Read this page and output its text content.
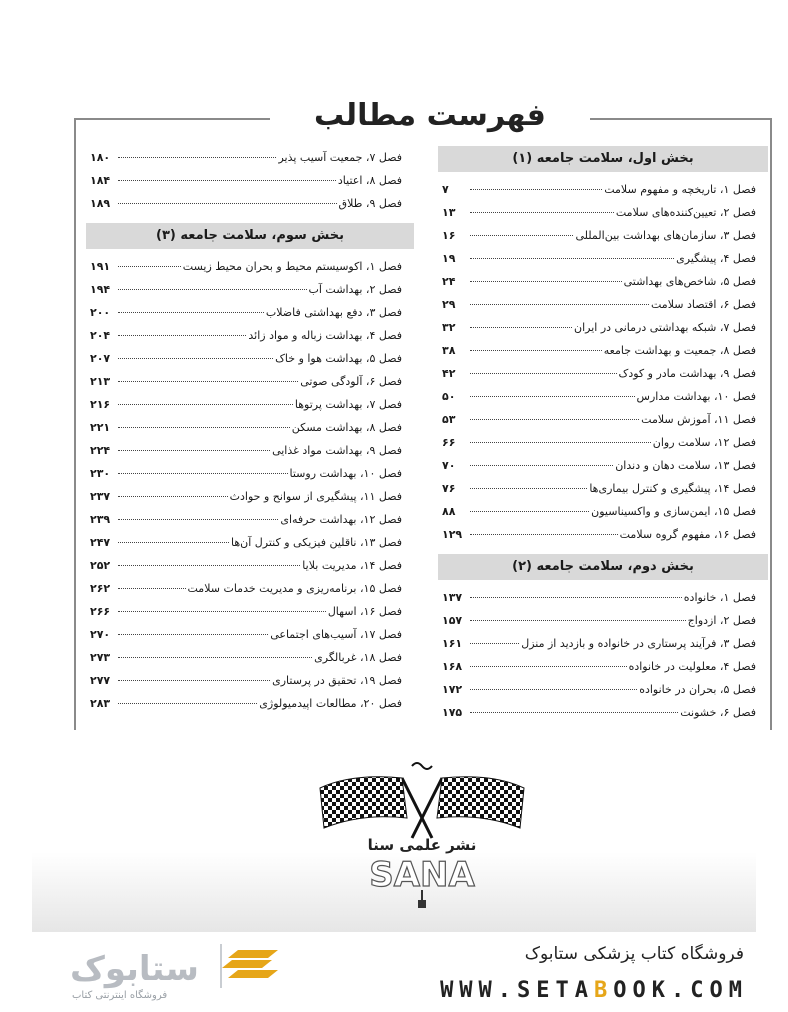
فهرست مطالب
بخش اول، سلامت جامعه (۱)
فصل ۱، تاریخچه و مفهوم سلامت
۷
فصل ۲، تعیین‌کننده‌های سلامت
۱۳
فصل ۳، سازمان‌های بهداشت بین‌المللی
۱۶
فصل ۴، پیشگیری
۱۹
فصل ۵، شاخص‌های بهداشتی
۲۴
فصل ۶، اقتصاد سلامت
۲۹
فصل ۷، شبکه بهداشتی درمانی در ایران
۳۲
فصل ۸، جمعیت و بهداشت جامعه
۳۸
فصل ۹، بهداشت مادر و کودک
۴۲
فصل ۱۰، بهداشت مدارس
۵۰
فصل ۱۱، آموزش سلامت
۵۳
فصل ۱۲، سلامت روان
۶۶
فصل ۱۳، سلامت دهان و دندان
۷۰
فصل ۱۴، پیشگیری و کنترل بیماری‌ها
۷۶
فصل ۱۵، ایمن‌سازی و واکسیناسیون
۸۸
فصل ۱۶، مفهوم گروه سلامت
۱۲۹
بخش دوم، سلامت جامعه (۲)
فصل ۱، خانواده
۱۳۷
فصل ۲، ازدواج
۱۵۷
فصل ۳، فرآیند پرستاری در خانواده و بازدید از منزل
۱۶۱
فصل ۴، معلولیت در خانواده
۱۶۸
فصل ۵، بحران در خانواده
۱۷۲
فصل ۶، خشونت
۱۷۵
فصل ۷، جمعیت آسیب پذیر
۱۸۰
فصل ۸، اعتیاد
۱۸۴
فصل ۹، طلاق
۱۸۹
بخش سوم، سلامت جامعه (۳)
فصل ۱، اکوسیستم محیط و بحران محیط زیست
۱۹۱
فصل ۲، بهداشت آب
۱۹۴
فصل ۳، دفع بهداشتی فاضلاب
۲۰۰
فصل ۴، بهداشت زباله و مواد زائد
۲۰۴
فصل ۵، بهداشت هوا و خاک
۲۰۷
فصل ۶، آلودگی صوتی
۲۱۳
فصل ۷، بهداشت پرتوها
۲۱۶
فصل ۸، بهداشت مسکن
۲۲۱
فصل ۹، بهداشت مواد غذایی
۲۲۴
فصل ۱۰، بهداشت روستا
۲۳۰
فصل ۱۱، پیشگیری از سوانح و حوادث
۲۳۷
فصل ۱۲، بهداشت حرفه‌ای
۲۳۹
فصل ۱۳، ناقلین فیزیکی و کنترل آن‌ها
۲۴۷
فصل ۱۴، مدیریت بلایا
۲۵۲
فصل ۱۵، برنامه‌ریزی و مدیریت خدمات سلامت
۲۶۲
فصل ۱۶، اسهال
۲۶۶
فصل ۱۷، آسیب‌های اجتماعی
۲۷۰
فصل ۱۸، غربالگری
۲۷۳
فصل ۱۹، تحقیق در پرستاری
۲۷۷
فصل ۲۰، مطالعات اپیدمیولوژی
۲۸۳
نشر علمی سنا
SANA
ستابوک
فروشگاه اینترنتی کتاب
فروشگاه کتاب پزشکی ستابوک
WWW.SETABOOK.COM
